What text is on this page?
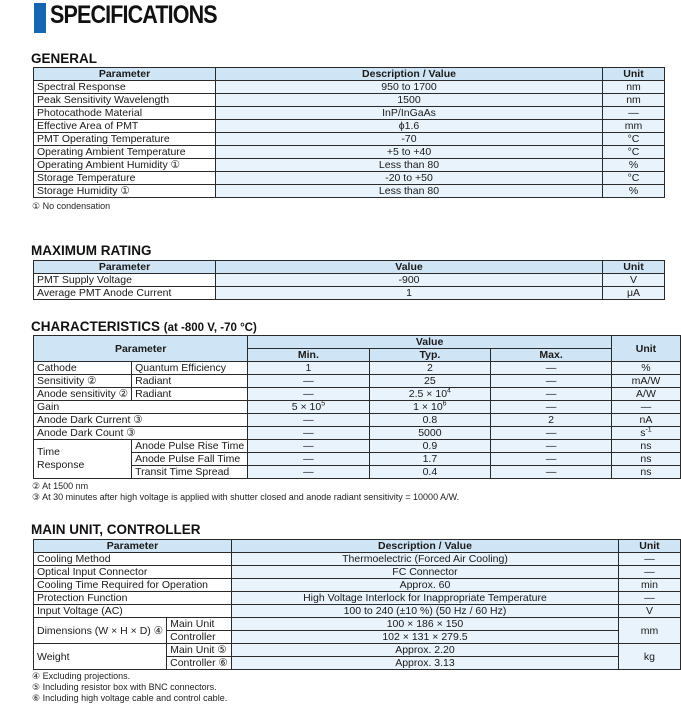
SPECIFICATIONS
GENERAL
Parameter	Description / Value	Unit
Spectral Response	950 to 1700	nm
Peak Sensitivity Wavelength	1500	nm
Photocathode Material	InP/InGaAs	—
Effective Area of PMT	ϕ1.6	mm
PMT Operating Temperature	-70	°C
Operating Ambient Temperature	+5 to +40	°C
Operating Ambient Humidity ①	Less than 80	%
Storage Temperature	-20 to +50	°C
Storage Humidity ①	Less than 80	%
① No condensation
MAXIMUM RATING
Parameter	Value	Unit
PMT Supply Voltage	-900	V
Average PMT Anode Current	1	μA
CHARACTERISTICS (at -800 V, -70 °C)
Parameter		Value			Unit
		Min.	Typ.	Max.	
Cathode	Quantum Efficiency	1	2	—	%
Sensitivity ②	Radiant	—	25	—	mA/W
Anode sensitivity ②	Radiant	—	$2.5 \times 10^4$	—	A/W
Gain		$5 \times 10^5$	$1 \times 10^6$	—	—
Anode Dark Current ③		—	0.8	2	nA
Anode Dark Count ③		—	5000	—	$s^{-1}$
Time
Response	Anode Pulse Rise Time	—	0.9	—	ns
	Anode Pulse Fall Time	—	1.7	—	ns
	Transit Time Spread	—	0.4	—	ns
② At 1500 nm
③ At 30 minutes after high voltage is applied with shutter closed and anode radiant sensitivity = 10000 A/W.
MAIN UNIT, CONTROLLER
Parameter		Description / Value	Unit
Cooling Method		Thermoelectric (Forced Air Cooling)	—
Optical Input Connector		FC Connector	—
Cooling Time Required for Operation		Approx. 60	min
Protection Function		High Voltage Interlock for Inappropriate Temperature	—
Input Voltage (AC)		100 to 240 (±10 %) (50 Hz / 60 Hz)	V
Dimensions (W × H × D) ④	Main Unit	100 × 186 × 150	mm
	Controller	102 × 131 × 279.5	
Weight	Main Unit ⑤	Approx. 2.20	kg
	Controller ⑥	Approx. 3.13	
④ Excluding projections.
⑤ Including resistor box with BNC connectors.
⑥ Including high voltage cable and control cable.
